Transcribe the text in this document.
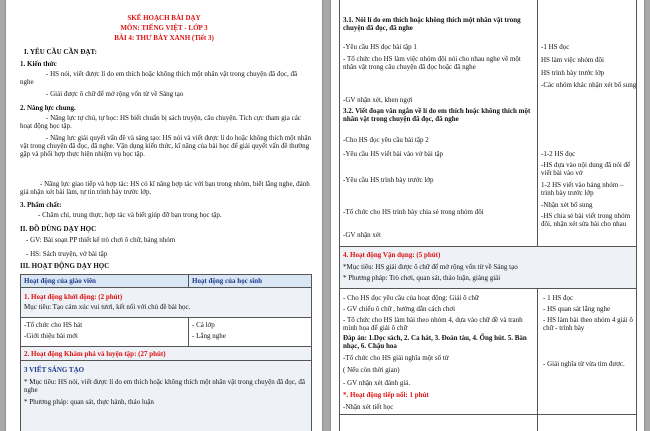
SKẾ HOẠCH BÀI DẠY
MÔN: TIẾNG VIỆT - LỚP 3
BÀI 4: THƯ BÀY XANH (Tiết 3)
I. YÊU CẦU CẦN ĐẠT:
1. Kiến thức
- HS nói, viết được lí do em thích hoặc không thích một nhân vật trong chuyện đã đọc, đã nghe
- Giải được ô chữ để mở rộng vốn từ về Sáng tạo
2. Năng lực chung.
- Năng lực tự chủ, tự học: HS biết chuẩn bị sách truyện, câu chuyện. Tích cực tham gia các hoạt động học tập.
- Năng lực giải quyết vấn đề và sáng tạo: HS nói và viết được lí do hoặc không thích một nhân vật trong chuyện đã đọc, đã nghe. Vận dụng kiến thức, kĩ năng của bài học để giải quyết vấn đề thường gặp và phối hợp thực hiện nhiệm vụ học tập.
- Năng lực giao tiếp và hợp tác: HS có kĩ năng hợp tác với bạn trong nhóm, biết lắng nghe, đánh giá nhận xét bài làm, tự tin trình bày trước lớp.
3. Phẩm chất:
- Chăm chỉ, trung thực, hợp tác và biết giúp đỡ bạn trong học tập.
II. ĐỒ DÙNG DẠY HỌC
- GV: Bài soạn PP thiết kế trò chơi ô chữ, bảng nhóm
- HS: Sách truyện, vở bài tập
III. HOẠT ĐỘNG DẠY HỌC
Hoạt động của giáo viên	Hoạt động của học sinh
1. Hoạt động khởi động: (2 phút)
Mục tiêu: Tạo cảm xúc vui tươi, kết nối với chủ đề bài học.
-Tổ chức cho HS hát
-Giới thiệu bài mới
- Cả lớp
- Lắng nghe
2. Hoạt động Khám phá và luyện tập: (27 phút)
3 VIẾT SÁNG TẠO
* Mục tiêu: HS nói, viết được lí do em thích hoặc không thích một nhân vật trong chuyện đã đọc, đã nghe
* Phương pháp: quan sát, thực hành, thảo luận
3.1. Nói lí do em thích hoặc không thích một nhân vật trong chuyện đã đọc, đã nghe
-Yêu cầu HS đọc bài tập 1
- Tổ chức cho HS làm việc nhóm đôi nói cho nhau nghe về một nhân vật trong câu chuyện đã đọc hoặc đã nghe
-GV nhận xét, khen ngợi
-1 HS đọc
HS làm việc nhóm đôi
HS trình bày trước lớp
-Các nhóm khác nhận xét bổ sung
3.2. Viết đoạn văn ngắn về lí do em thích hoặc không thích một nhân vật trong chuyện đã đọc, đã nghe
-Cho HS đọc yêu cầu bài tập 2
-Yêu cầu HS viết bài vào vở bài tập
-Yêu cầu HS trình bày trước lớp
-Tổ chức cho HS trình bày chia sẻ trong nhóm đôi
-GV nhận xét
-1-2 HS đọc
-HS dựa vào nội dung đã nói để viết bài vào vở
1-2 HS viết vào bảng nhóm – trình bày trước lớp
-Nhận xét bổ sung
-HS chia sẻ bài viết trong nhóm đôi, nhận xét sửa bài cho nhau
4. Hoạt động Vận dụng: (5 phút)
*Mục tiêu: HS giải được ô chữ để mở rộng vốn từ về Sáng tạo
* Phương pháp: Trò chơi, quan sát, thảo luận, giảng giải
- Cho HS đọc yêu cầu của hoạt động: Giải ô chữ
- GV chiếu ô chữ , hướng dẫn cách chơi
- Tổ chức cho HS làm bài theo nhóm 4, dựa vào chữ đề và tranh minh họa để giải ô chữ
Đáp án: 1.Dọc sách, 2. Ca hát, 3. Đoàn tàu, 4. Ống hút. 5. Bàn nhạc, 6. Chậu hoa
-Tổ chức cho HS giải nghĩa một số từ
( Nếu còn thời gian)
- GV nhận xét đánh giá.
*. Hoạt động tiếp nối: 1 phút
-Nhận xét tiết học
- 1 HS đọc
- HS quan sát lắng nghe
- HS làm bài theo nhóm 4 giải ô chữ - trình bày
- Giải nghĩa từ vừa tìm được.
